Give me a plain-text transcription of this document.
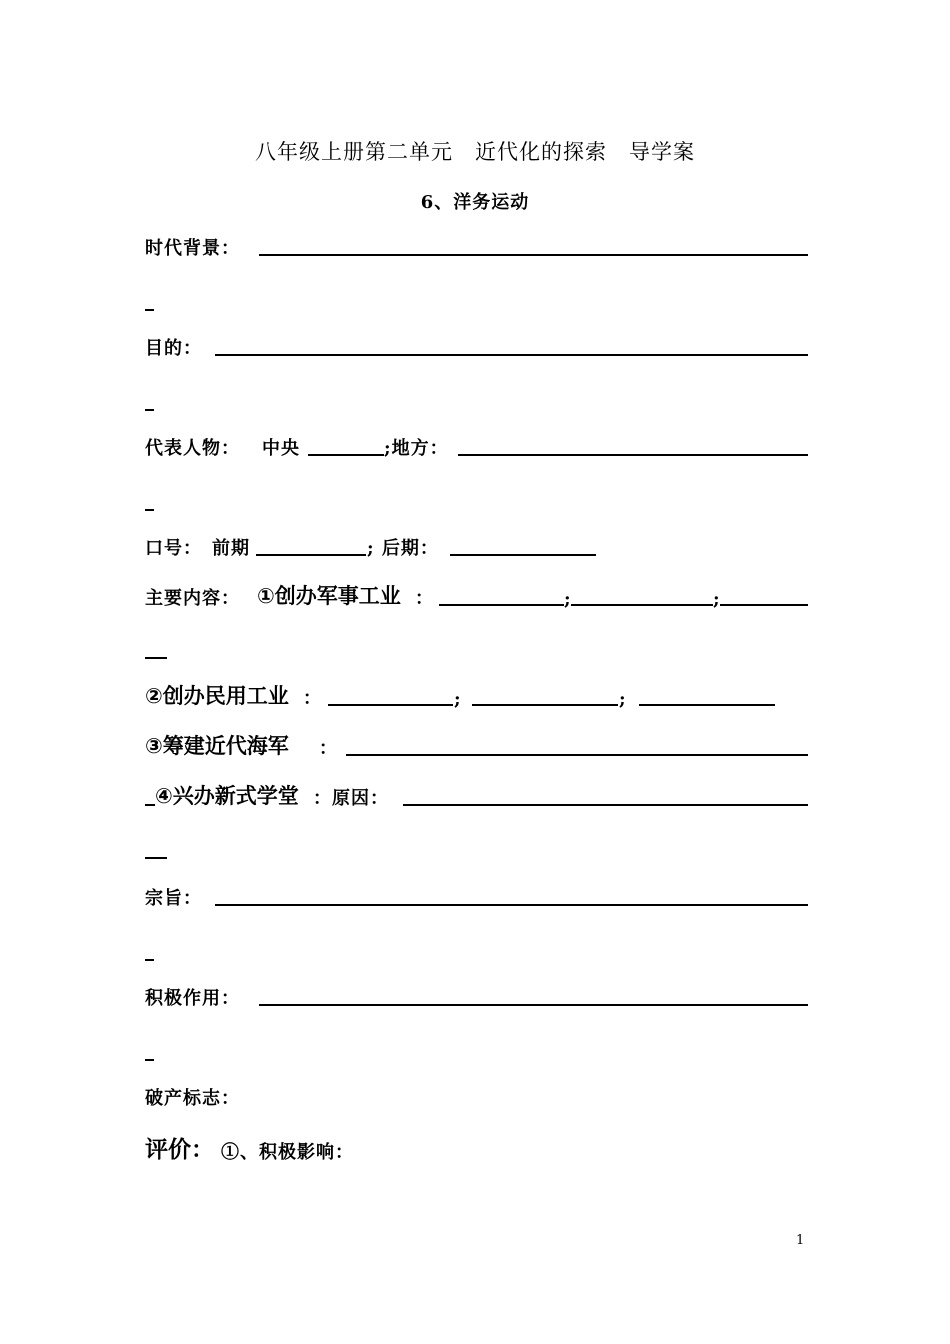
八年级上册第二单元　近代化的探索　导学案
6、洋务运动
时代背景：
目的：
代表人物： 中央	;地方：
口号： 前期	; 后期：
主要内容： ①创办军事工业 ：	;	;
②创办民用工业 ：	;	;
③筹建近代海军 ：
④兴办新式学堂 ：原因：
宗旨：
积极作用：
破产标志：
评价： ①、积极影响：
1
